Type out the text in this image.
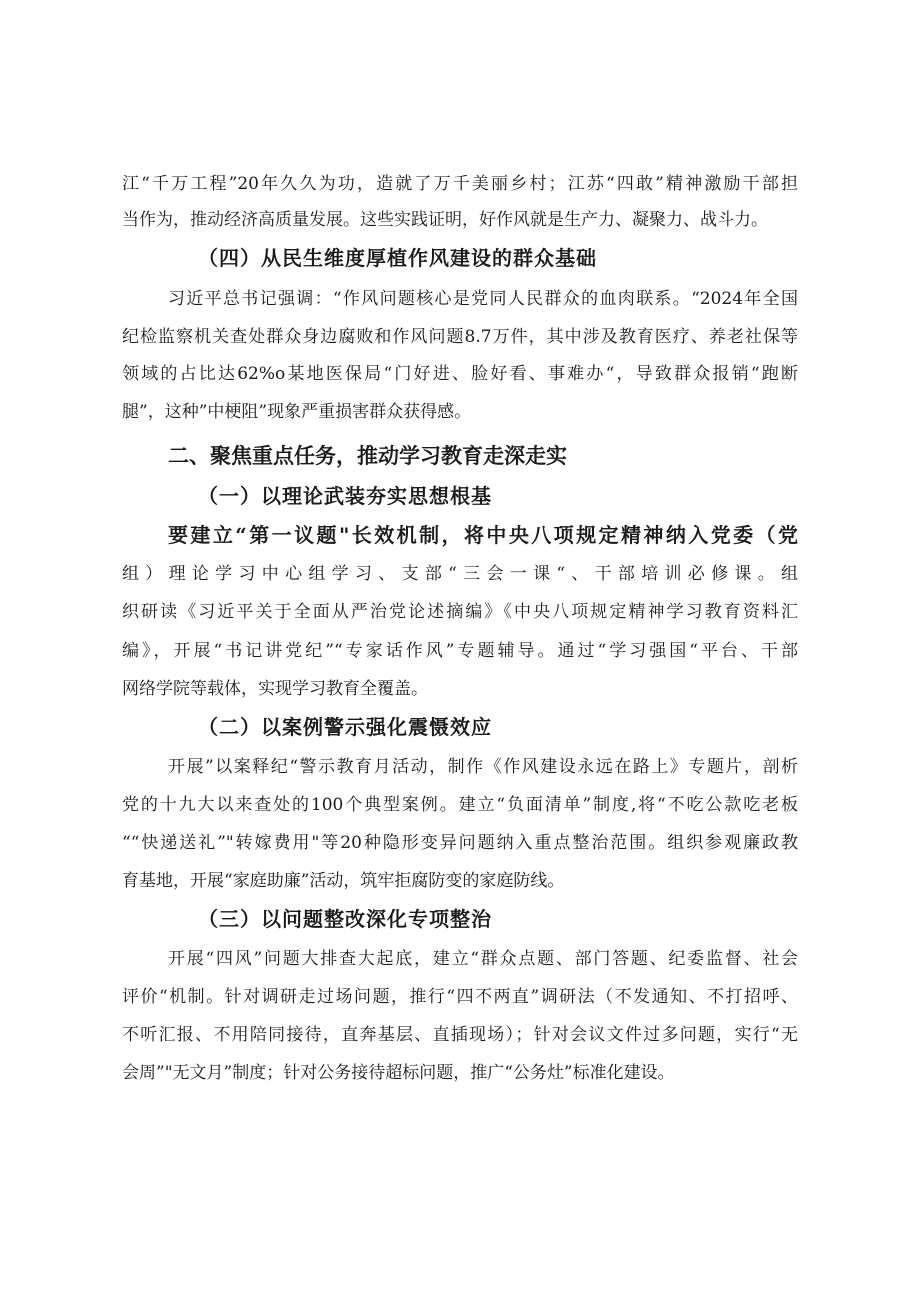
江“千万工程”20年久久为功，造就了万千美丽乡村；江苏“四敢”精神激励干部担

当作为，推动经济高质量发展。这些实践证明，好作风就是生产力、凝聚力、战斗力。

（四）从民生维度厚植作风建设的群众基础

习近平总书记强调：“作风问题核心是党同人民群众的血肉联系。“2024年全国

纪检监察机关查处群众身边腐败和作风问题8.7万件，其中涉及教育医疗、养老社保等

领域的占比达62%o某地医保局“门好进、脸好看、事难办“，导致群众报销“跑断

腿”，这种”中梗阻”现象严重损害群众获得感。

二、聚焦重点任务，推动学习教育走深走实
（一）以理论武装夯实思想根基

要建立“第一议题"长效机制，将中央八项规定精神纳入党委（党

组）理论学习中心组学习、支部“三会一课“、干部培训必修课。组

织研读《习近平关于全面从严治党论述摘编》《中央八项规定精神学习教育资料汇

编》，开展“书记讲党纪”“专家话作风”专题辅导。通过“学习强国“平台、干部

网络学院等载体，实现学习教育全覆盖。

（二）以案例警示强化震慑效应

开展”以案释纪“警示教育月活动，制作《作风建设永远在路上》专题片，剖析

党的十九大以来查处的100个典型案例。建立“负面清单”制度,将“不吃公款吃老板

““快递送礼”"转嫁费用"等20种隐形变异问题纳入重点整治范围。组织参观廉政教

育基地，开展“家庭助廉”活动，筑牢拒腐防变的家庭防线。

（三）以问题整改深化专项整治

开展“四风”问题大排查大起底，建立“群众点题、部门答题、纪委监督、社会

评价“机制。针对调研走过场问题，推行“四不两直”调研法（不发通知、不打招呼、

不听汇报、不用陪同接待，直奔基层、直插现场）；针对会议文件过多问题，实行“无

会周”"无文月”制度；针对公务接待超标问题，推广“公务灶”标准化建设。
